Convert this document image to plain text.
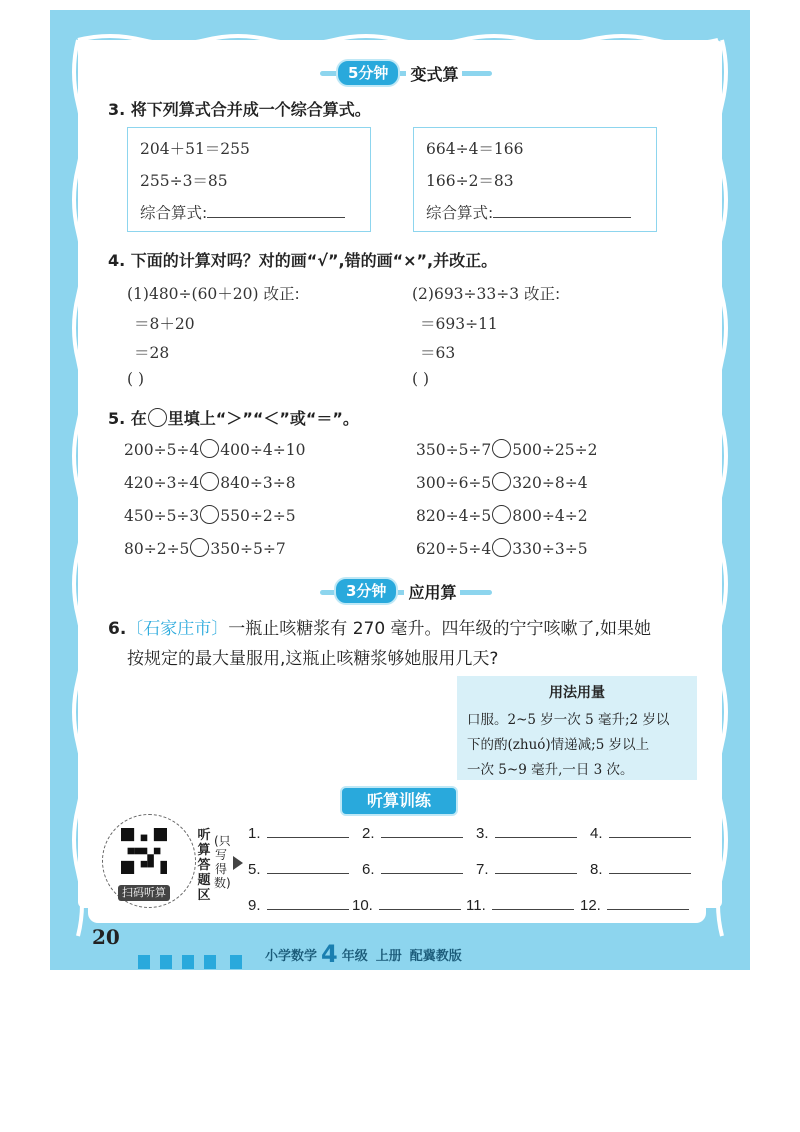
5分钟	变式算
3. 将下列算式合并成一个综合算式。
204＋51＝255
255÷3＝85
综合算式:
664÷4＝166
166÷2＝83
综合算式:
4. 下面的计算对吗？对的画“√”,错的画“×”,并改正。
(1)480÷(60＋20) 改正:
＝8＋20
＝28
( )
(2)693÷33÷3 改正:
＝693÷11
＝63
( )
5. 在 里填上“＞”“＜”或“＝”。
200÷5÷4 400÷4÷10
420÷3÷4 840÷3÷8
450÷5÷3 550÷2÷5
80÷2÷5 350÷5÷7
350÷5÷7 500÷25÷2
300÷6÷5 320÷8÷4
820÷4÷5 800÷4÷2
620÷5÷4 330÷3÷5
3分钟	应用算
6.〔石家庄市〕一瓶止咳糖浆有 270 毫升。四年级的宁宁咳嗽了,如果她
按规定的最大量服用,这瓶止咳糖浆够她服用几天?
用法用量
口服。2~5 岁一次 5 毫升;2 岁以
下的酌(zhuó)情递减;5 岁以上
一次 5~9 毫升,一日 3 次。
听算训练
扫码听算
听算答题区
(只写得数)
1.	2.	3.	4.
5.	6.	7.	8.
9.	10.	11.	12.
20
小学数学 4 年级 上册 配冀教版
